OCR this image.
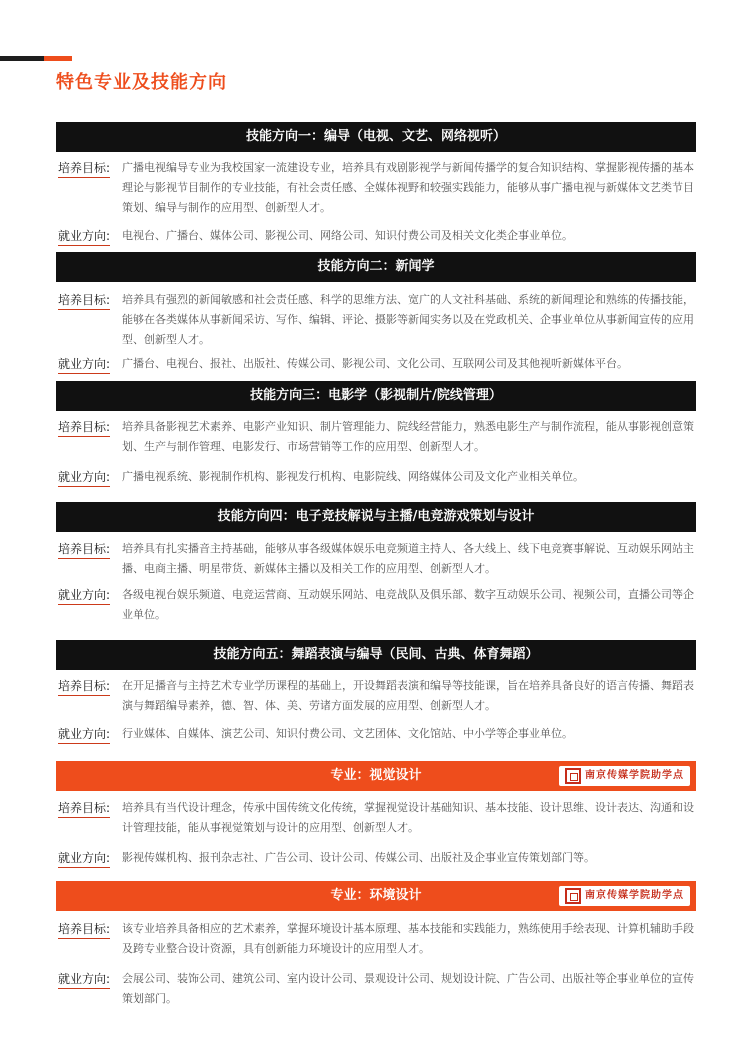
特色专业及技能方向
技能方向一：编导（电视、文艺、网络视听）
培养目标:	广播电视编导专业为我校国家一流建设专业，培养具有戏剧影视学与新闻传播学的复合知识结构、掌握影视传播的基本理论与影视节目制作的专业技能，有社会责任感、全媒体视野和较强实践能力，能够从事广播电视与新媒体文艺类节目策划、编导与制作的应用型、创新型人才。
就业方向:	电视台、广播台、媒体公司、影视公司、网络公司、知识付费公司及相关文化类企事业单位。
技能方向二：新闻学
培养目标:	培养具有强烈的新闻敏感和社会责任感、科学的思维方法、宽广的人文社科基础、系统的新闻理论和熟练的传播技能，能够在各类媒体从事新闻采访、写作、编辑、评论、摄影等新闻实务以及在党政机关、企事业单位从事新闻宣传的应用型、创新型人才。
就业方向:	广播台、电视台、报社、出版社、传媒公司、影视公司、文化公司、互联网公司及其他视听新媒体平台。
技能方向三：电影学（影视制片/院线管理）
培养目标:	培养具备影视艺术素养、电影产业知识、制片管理能力、院线经营能力，熟悉电影生产与制作流程，能从事影视创意策划、生产与制作管理、电影发行、市场营销等工作的应用型、创新型人才。
就业方向:	广播电视系统、影视制作机构、影视发行机构、电影院线、网络媒体公司及文化产业相关单位。
技能方向四：电子竞技解说与主播/电竞游戏策划与设计
培养目标:	培养具有扎实播音主持基础，能够从事各级媒体娱乐电竞频道主持人、各大线上、线下电竞赛事解说、互动娱乐网站主播、电商主播、明星带货、新媒体主播以及相关工作的应用型、创新型人才。
就业方向:	各级电视台娱乐频道、电竞运营商、互动娱乐网站、电竞战队及俱乐部、数字互动娱乐公司、视频公司，直播公司等企业单位。
技能方向五：舞蹈表演与编导（民间、古典、体育舞蹈）
培养目标:	在开足播音与主持艺术专业学历课程的基础上，开设舞蹈表演和编导等技能课，旨在培养具备良好的语言传播、舞蹈表演与舞蹈编导素养，德、智、体、美、劳诸方面发展的应用型、创新型人才。
就业方向:	行业媒体、自媒体、演艺公司、知识付费公司、文艺团体、文化馆站、中小学等企事业单位。
专业：视觉设计	南京传媒学院助学点
培养目标:	培养具有当代设计理念，传承中国传统文化传统，掌握视觉设计基础知识、基本技能、设计思维、设计表达、沟通和设计管理技能，能从事视觉策划与设计的应用型、创新型人才。
就业方向:	影视传媒机构、报刊杂志社、广告公司、设计公司、传媒公司、出版社及企事业宣传策划部门等。
专业：环境设计	南京传媒学院助学点
培养目标:	该专业培养具备相应的艺术素养，掌握环境设计基本原理、基本技能和实践能力，熟练使用手绘表现、计算机辅助手段及跨专业整合设计资源，具有创新能力环境设计的应用型人才。
就业方向:	会展公司、装饰公司、建筑公司、室内设计公司、景观设计公司、规划设计院、广告公司、出版社等企事业单位的宣传策划部门。
